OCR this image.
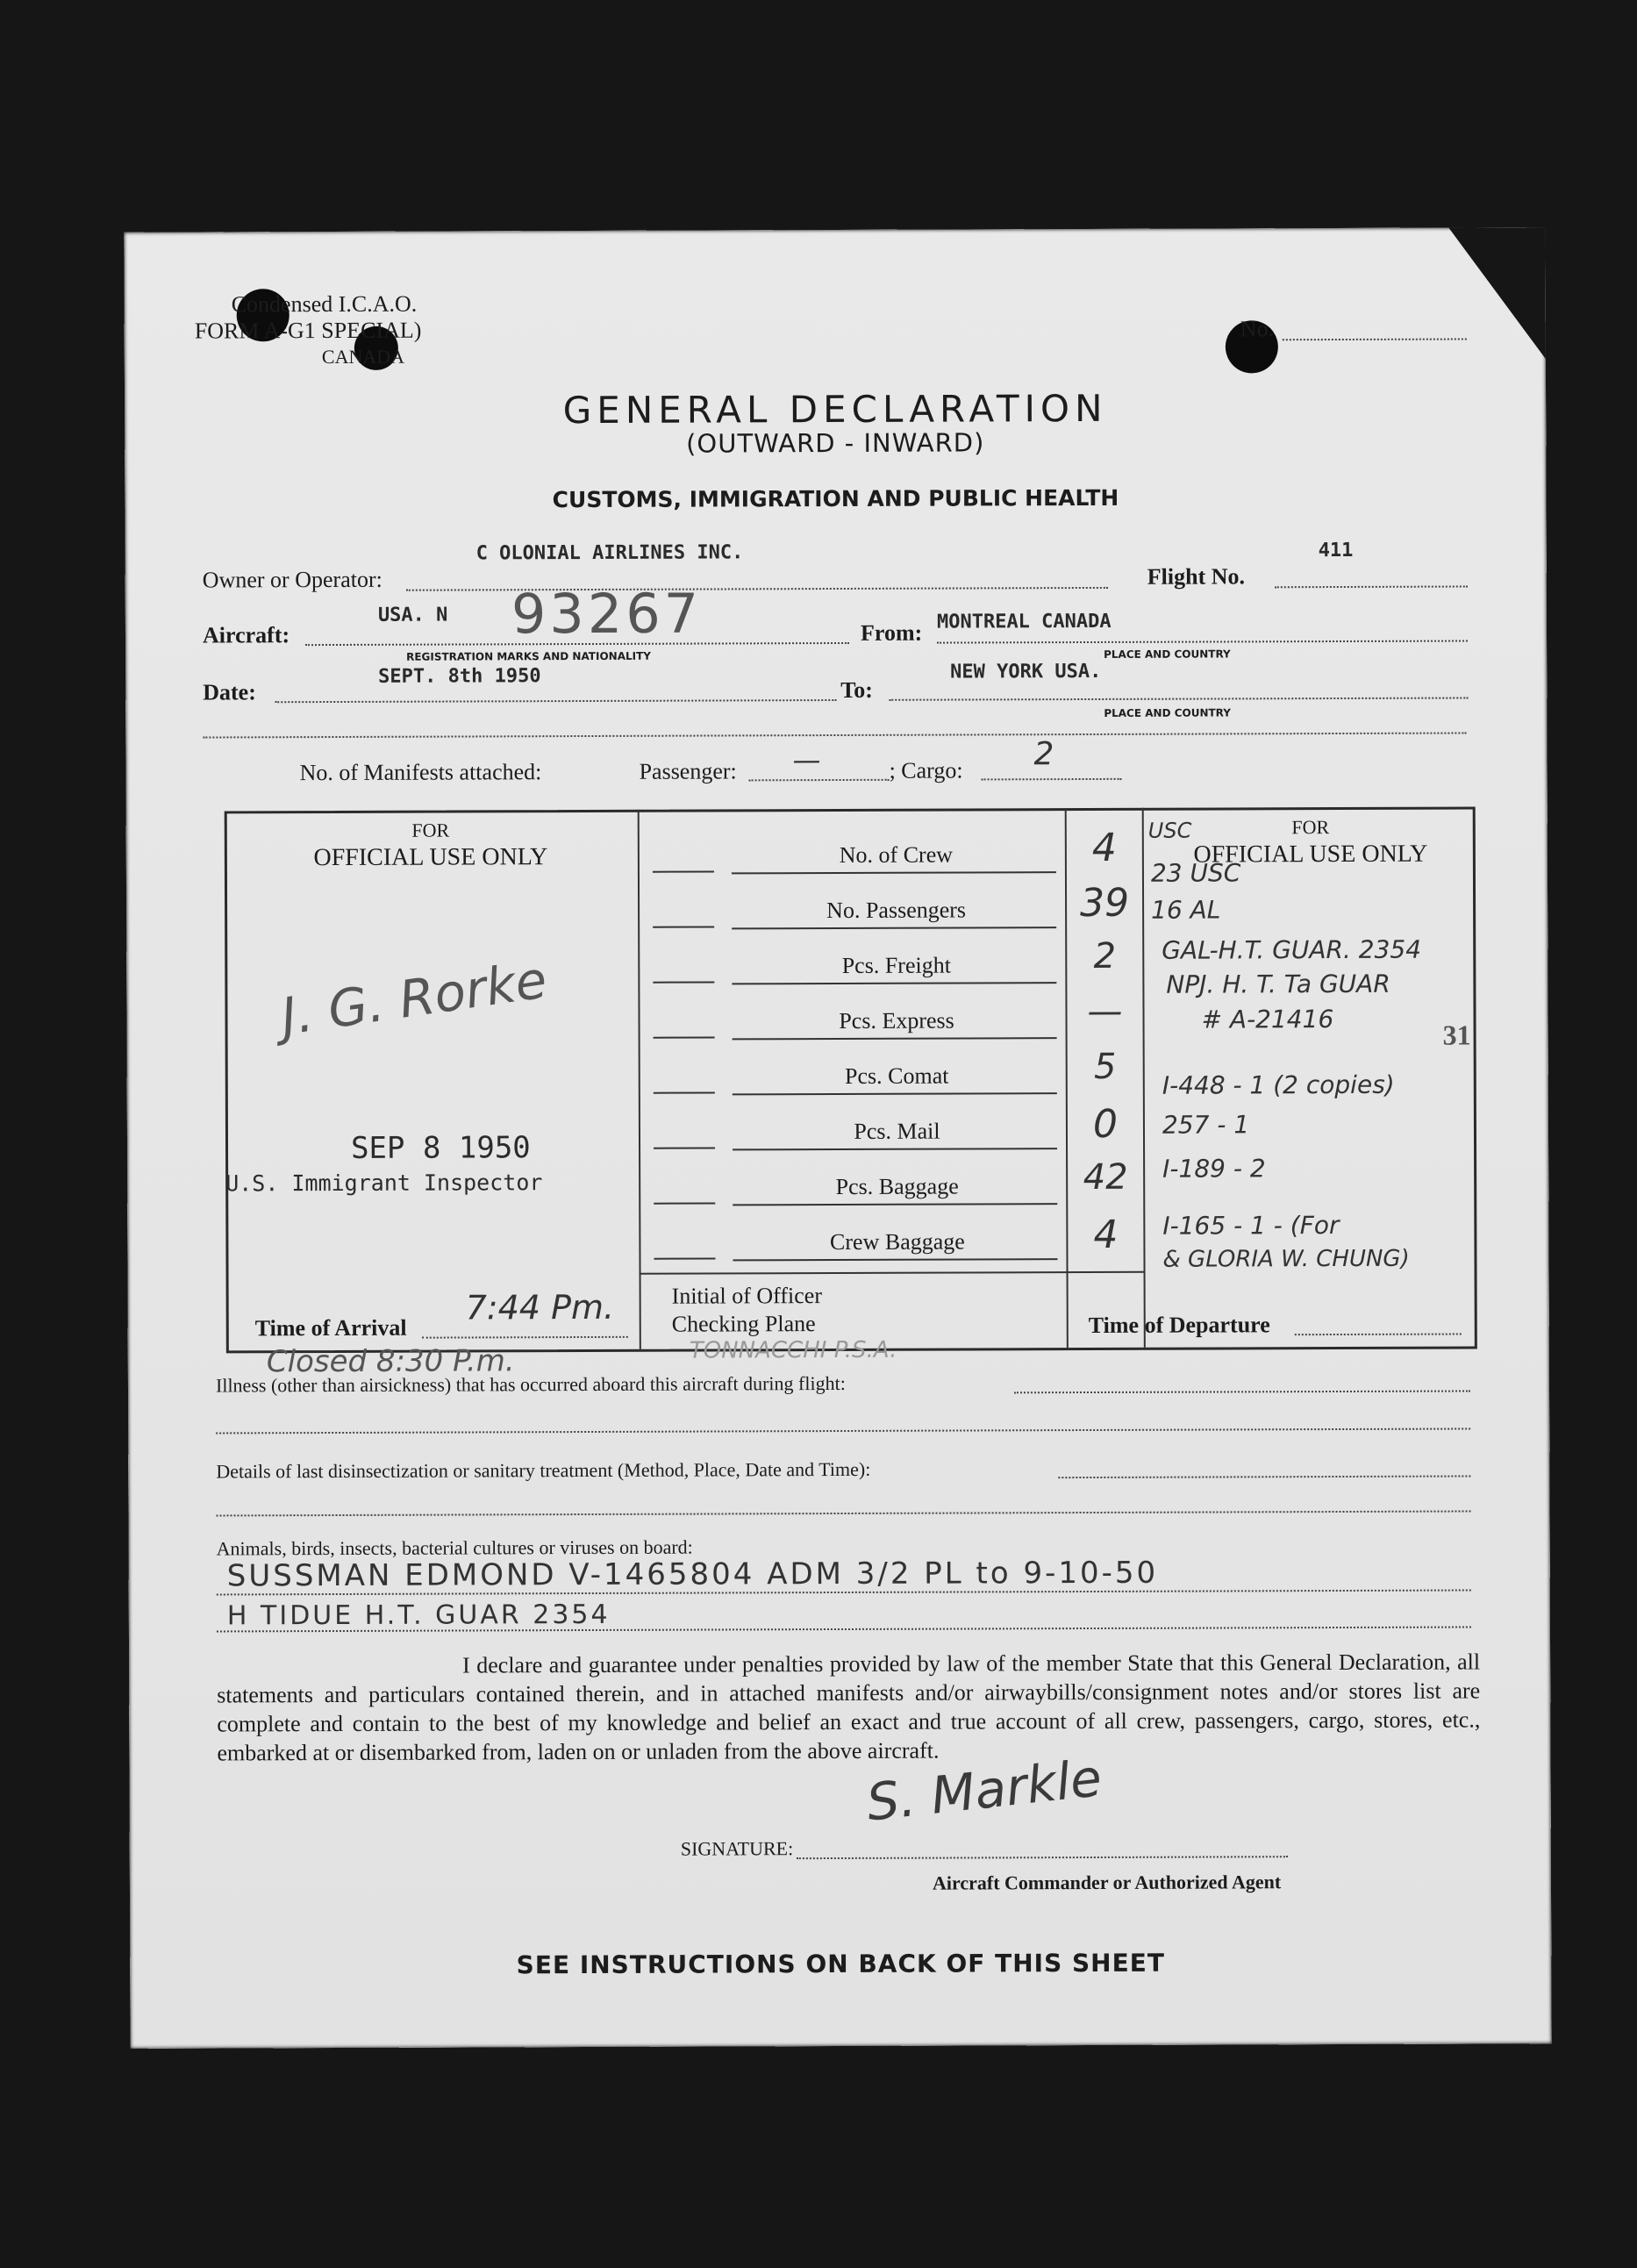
Condensed I.C.A.O.
FORM A-G1 SPECIAL)
CANADA
No.
GENERAL DECLARATION
(OUTWARD - INWARD)
CUSTOMS, IMMIGRATION AND PUBLIC HEALTH
Owner or Operator:
C OLONIAL AIRLINES INC.
Flight No.
411
Aircraft:
USA. N 93267
REGISTRATION MARKS AND NATIONALITY
From: MONTREAL CANADA
PLACE AND COUNTRY
Date:
SEPT. 8th 1950
To:
NEW YORK USA.
PLACE AND COUNTRY
No. of Manifests attached:	Passenger: —	; Cargo: 2
FOR
OFFICIAL USE ONLY
J. G. Rorke
SEP 8 1950
U.S. Immigrant Inspector
Time of Arrival
7:44 Pm.
Closed 8:30 P.m.
No. of Crew	4
No. Passengers	39
Pcs. Freight	2
Pcs. Express	—
Pcs. Comat	5
Pcs. Mail	0
Pcs. Baggage	42
Crew Baggage	4
Initial of Officer
Checking Plane
TONNACCHI P.S.A.
FOR
OFFICIAL USE ONLY
USC
23 USC
16 AL
GAL-H.T. GUAR. 2354
NPJ. H. T. Ta GUAR
# A-21416
I-448 - 1 (2 copies)
257 - 1
I-189 - 2
I-165 - 1 - (For
& GLORIA W. CHUNG)
Time of Departure
31
Illness (other than airsickness) that has occurred aboard this aircraft during flight:
Details of last disinsectization or sanitary treatment (Method, Place, Date and Time):
Animals, birds, insects, bacterial cultures or viruses on board:
SUSSMAN EDMOND V-1465804 ADM 3/2 PL to 9-10-50
H TIDUE H.T. GUAR 2354
I declare and guarantee under penalties provided by law of the member State that this General Declaration, all statements and particulars contained therein, and in attached manifests and/or airwaybills/consignment notes and/or stores list are complete and contain to the best of my knowledge and belief an exact and true account of all crew, passengers, cargo, stores, etc., embarked at or disembarked from, laden on or unladen from the above aircraft.
SIGNATURE:
S. Markle
Aircraft Commander or Authorized Agent
SEE INSTRUCTIONS ON BACK OF THIS SHEET
